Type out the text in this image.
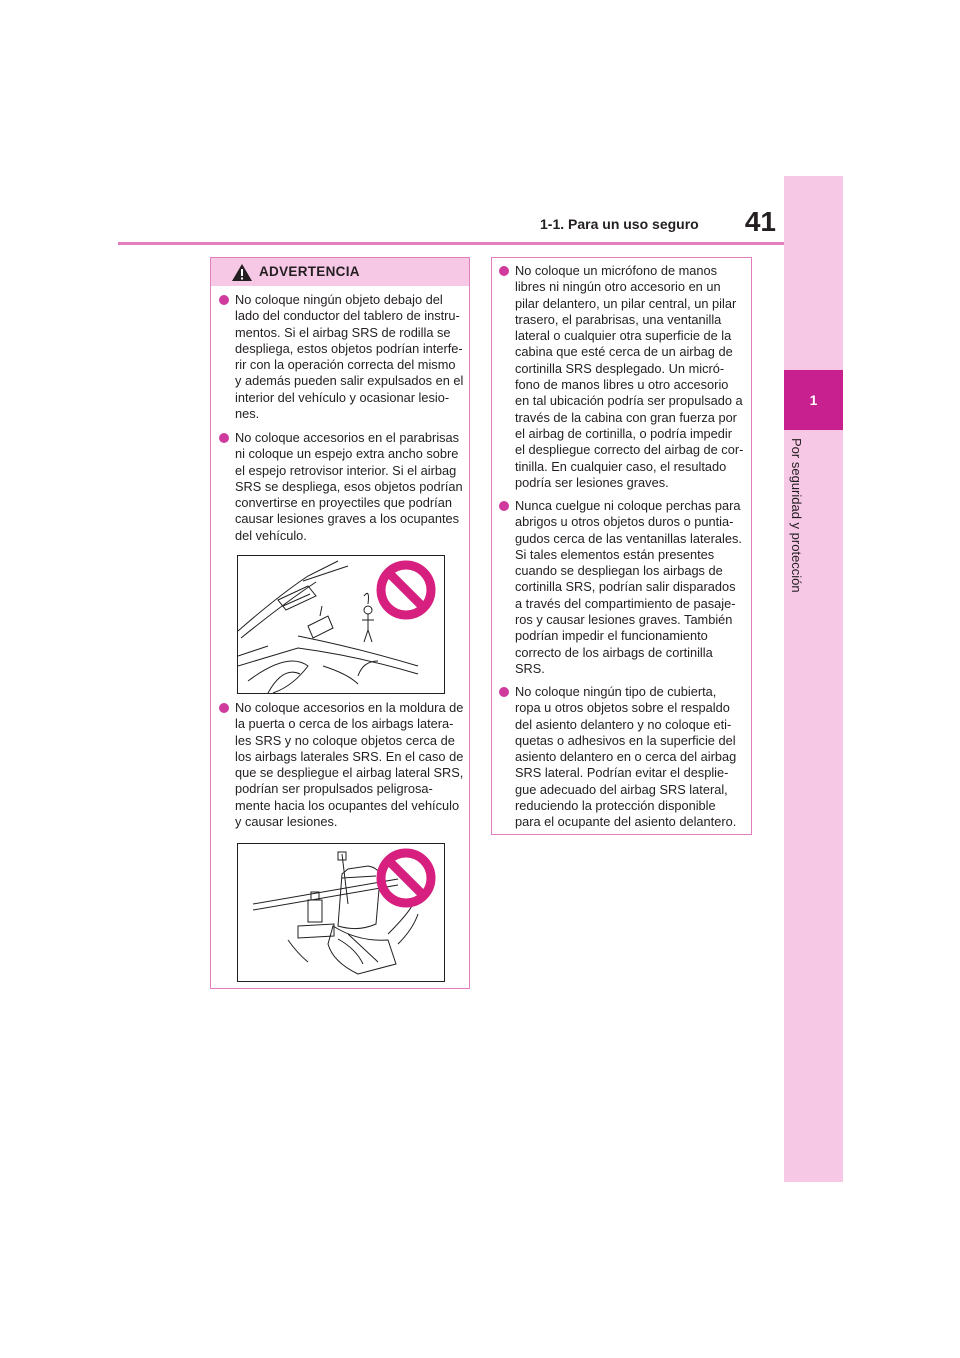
1-1. Para un uso seguro	41
1
Por seguridad y protección
ADVERTENCIA
No coloque ningún objeto debajo del
lado del conductor del tablero de instru-
mentos. Si el airbag SRS de rodilla se
despliega, estos objetos podrían interfe-
rir con la operación correcta del mismo
y además pueden salir expulsados en el
interior del vehículo y ocasionar lesio-
nes.
No coloque accesorios en el parabrisas
ni coloque un espejo extra ancho sobre
el espejo retrovisor interior. Si el airbag
SRS se despliega, esos objetos podrían
convertirse en proyectiles que podrían
causar lesiones graves a los ocupantes
del vehículo.
No coloque accesorios en la moldura de
la puerta o cerca de los airbags latera-
les SRS y no coloque objetos cerca de
los airbags laterales SRS. En el caso de
que se despliegue el airbag lateral SRS,
podrían ser propulsados peligrosa-
mente hacia los ocupantes del vehículo
y causar lesiones.
No coloque un micrófono de manos
libres ni ningún otro accesorio en un
pilar delantero, un pilar central, un pilar
trasero, el parabrisas, una ventanilla
lateral o cualquier otra superficie de la
cabina que esté cerca de un airbag de
cortinilla SRS desplegado. Un micró-
fono de manos libres u otro accesorio
en tal ubicación podría ser propulsado a
través de la cabina con gran fuerza por
el airbag de cortinilla, o podría impedir
el despliegue correcto del airbag de cor-
tinilla. En cualquier caso, el resultado
podría ser lesiones graves.
Nunca cuelgue ni coloque perchas para
abrigos u otros objetos duros o puntia-
gudos cerca de las ventanillas laterales.
Si tales elementos están presentes
cuando se despliegan los airbags de
cortinilla SRS, podrían salir disparados
a través del compartimiento de pasaje-
ros y causar lesiones graves. También
podrían impedir el funcionamiento
correcto de los airbags de cortinilla
SRS.
No coloque ningún tipo de cubierta,
ropa u otros objetos sobre el respaldo
del asiento delantero y no coloque eti-
quetas o adhesivos en la superficie del
asiento delantero en o cerca del airbag
SRS lateral. Podrían evitar el desplie-
gue adecuado del airbag SRS lateral,
reduciendo la protección disponible
para el ocupante del asiento delantero.
